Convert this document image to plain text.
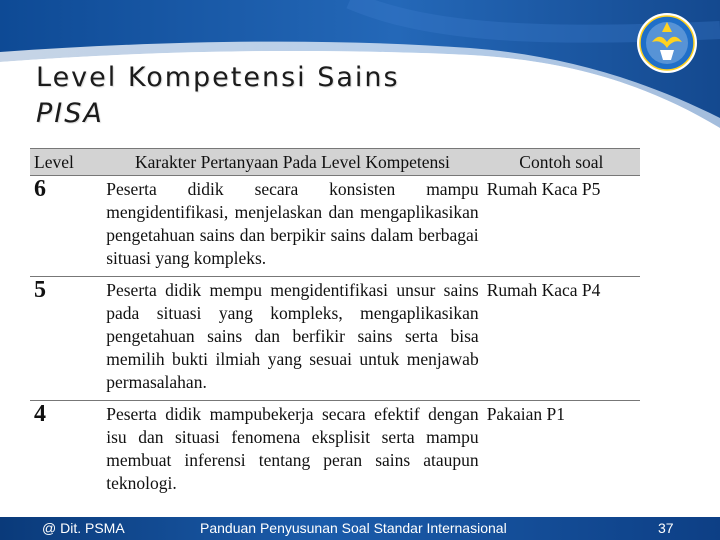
Level Kompetensi Sains
PISA
Level	Karakter Pertanyaan Pada Level Kompetensi	Contoh soal
6	Peserta didik secara konsisten mampu mengidentifikasi, menjelaskan dan mengaplikasikan pengetahuan sains dan berpikir sains dalam berbagai situasi yang kompleks.	Rumah Kaca P5
5	Peserta didik mempu mengidentifikasi unsur sains pada situasi yang kompleks, mengaplikasikan pengetahuan sains dan berfikir sains serta bisa memilih bukti ilmiah yang sesuai untuk menjawab permasalahan.	Rumah Kaca P4
4	Peserta didik mampubekerja secara efektif dengan isu dan situasi fenomena eksplisit serta mampu membuat inferensi tentang peran sains ataupun teknologi.	Pakaian P1
@ Dit. PSMA	Panduan Penyusunan Soal Standar Internasional	37
